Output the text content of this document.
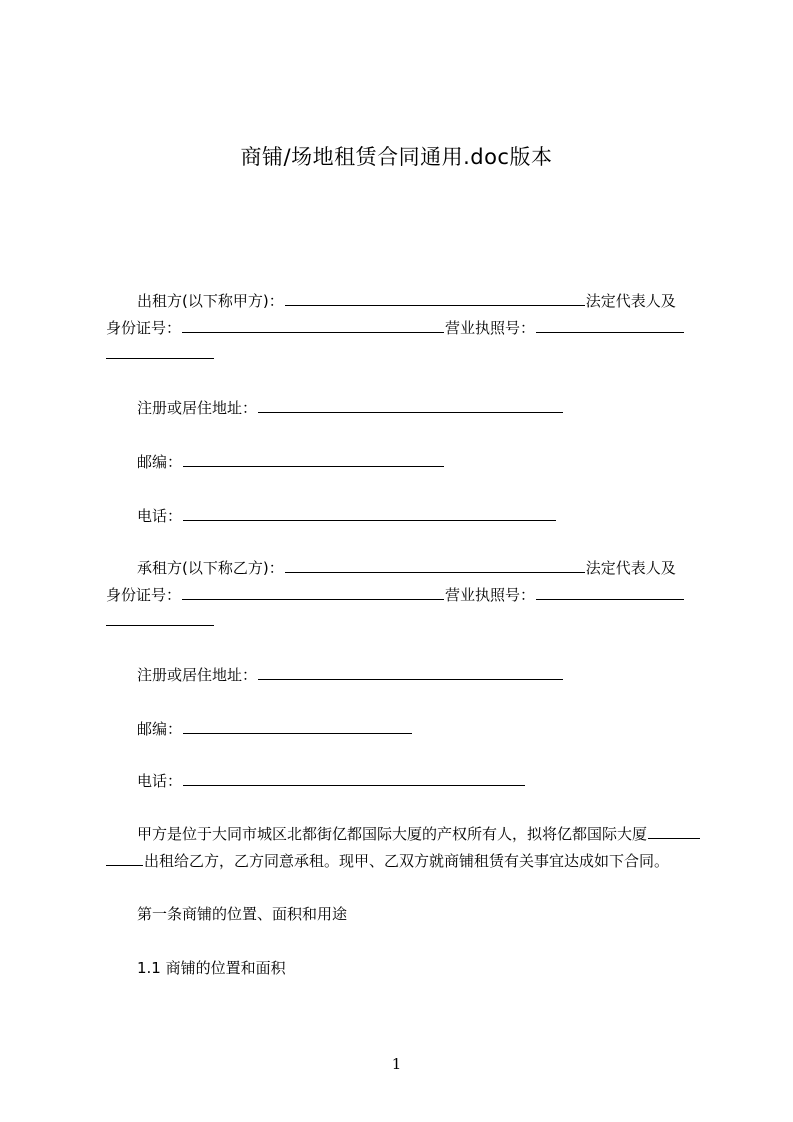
商铺/场地租赁合同通用.doc版本
出租方(以下称甲方)：	法定代表人及
身份证号：	营业执照号：
注册或居住地址：
邮编：
电话：
承租方(以下称乙方)：	法定代表人及
身份证号：	营业执照号：
注册或居住地址：
邮编：
电话：
甲方是位于大同市城区北都街亿都国际大厦的产权所有人，拟将亿都国际大厦
出租给乙方，乙方同意承租。现甲、乙双方就商铺租赁有关事宜达成如下合同。
第一条商铺的位置、面积和用途
1.1 商铺的位置和面积
1
